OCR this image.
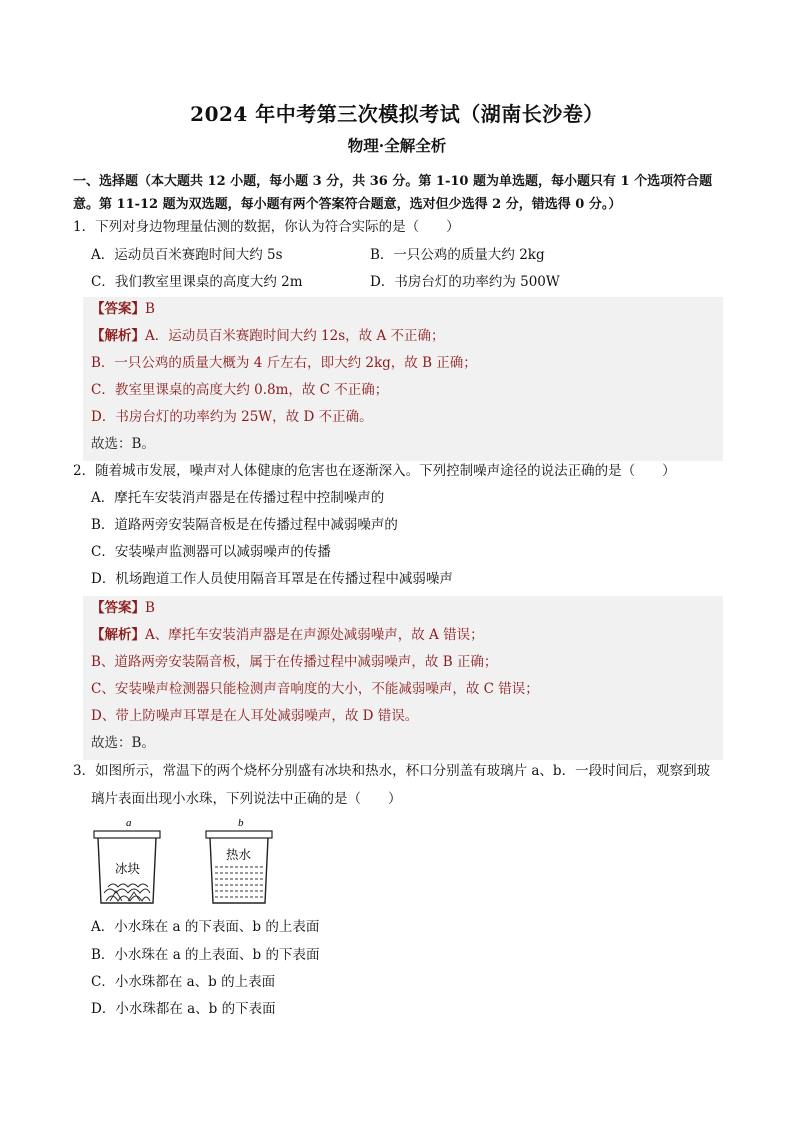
2024 年中考第三次模拟考试（湖南长沙卷）
物理·全解全析
一、选择题（本大题共 12 小题，每小题 3 分，共 36 分。第 1-10 题为单选题，每小题只有 1 个选项符合题意。第 11-12 题为双选题，每小题有两个答案符合题意，选对但少选得 2 分，错选得 0 分。）
1．下列对身边物理量估测的数据，你认为符合实际的是（　　）
A．运动员百米赛跑时间大约 5s	B．一只公鸡的质量大约 2kg
C．我们教室里课桌的高度大约 2m	D．书房台灯的功率约为 500W
【答案】B
【解析】A．运动员百米赛跑时间大约 12s，故 A 不正确；
B．一只公鸡的质量大概为 4 斤左右，即大约 2kg，故 B 正确；
C．教室里课桌的高度大约 0.8m，故 C 不正确；
D．书房台灯的功率约为 25W，故 D 不正确。
故选：B。
2．随着城市发展，噪声对人体健康的危害也在逐渐深入。下列控制噪声途径的说法正确的是（　　）
A．摩托车安装消声器是在传播过程中控制噪声的
B．道路两旁安装隔音板是在传播过程中减弱噪声的
C．安装噪声监测器可以减弱噪声的传播
D．机场跑道工作人员使用隔音耳罩是在传播过程中减弱噪声
【答案】B
【解析】A、摩托车安装消声器是在声源处减弱噪声，故 A 错误；
B、道路两旁安装隔音板，属于在传播过程中减弱噪声，故 B 正确；
C、安装噪声检测器只能检测声音响度的大小，不能减弱噪声，故 C 错误；
D、带上防噪声耳罩是在人耳处减弱噪声，故 D 错误。
故选：B。
3．如图所示，常温下的两个烧杯分别盛有冰块和热水，杯口分别盖有玻璃片 a、b．一段时间后，观察到玻
璃片表面出现小水珠，下列说法中正确的是（　　）
a
冰块
b
热水
A．小水珠在 a 的下表面、b 的上表面
B．小水珠在 a 的上表面、b 的下表面
C．小水珠都在 a、b 的上表面
D．小水珠都在 a、b 的下表面
